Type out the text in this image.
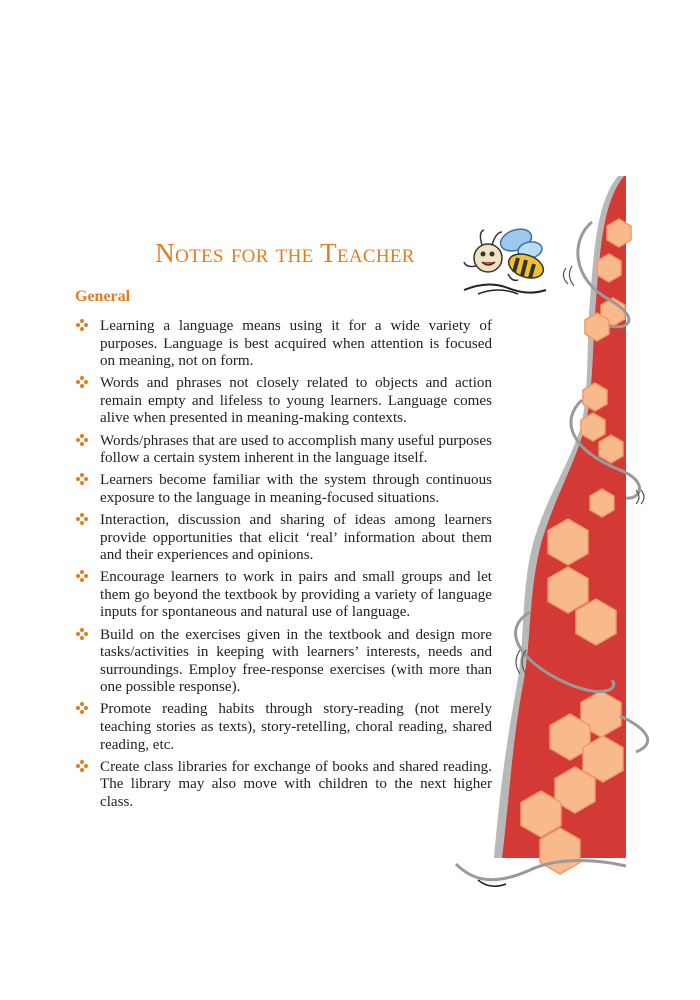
Notes for the Teacher
General
Learning a language means using it for a wide variety of purposes. Language is best acquired when attention is focused on meaning, not on form.
Words and phrases not closely related to objects and action remain empty and lifeless to young learners. Language comes alive when presented in meaning-making contexts.
Words/phrases that are used to accomplish many useful purposes follow a certain system inherent in the language itself.
Learners become familiar with the system through continuous exposure to the language in meaning-focused situations.
Interaction, discussion and sharing of ideas among learners provide opportunities that elicit ‘real’ information about them and their experiences and opinions.
Encourage learners to work in pairs and small groups and let them go beyond the textbook by providing a variety of language inputs for spontaneous and natural use of language.
Build on the exercises given in the textbook and design more tasks/activities in keeping with learners’ interests, needs and surroundings. Employ free-response exercises (with more than one possible response).
Promote reading habits through story-reading (not merely teaching stories as texts), story-retelling, choral reading, shared reading, etc.
Create class libraries for exchange of books and shared reading. The library may also move with children to the next higher class.
